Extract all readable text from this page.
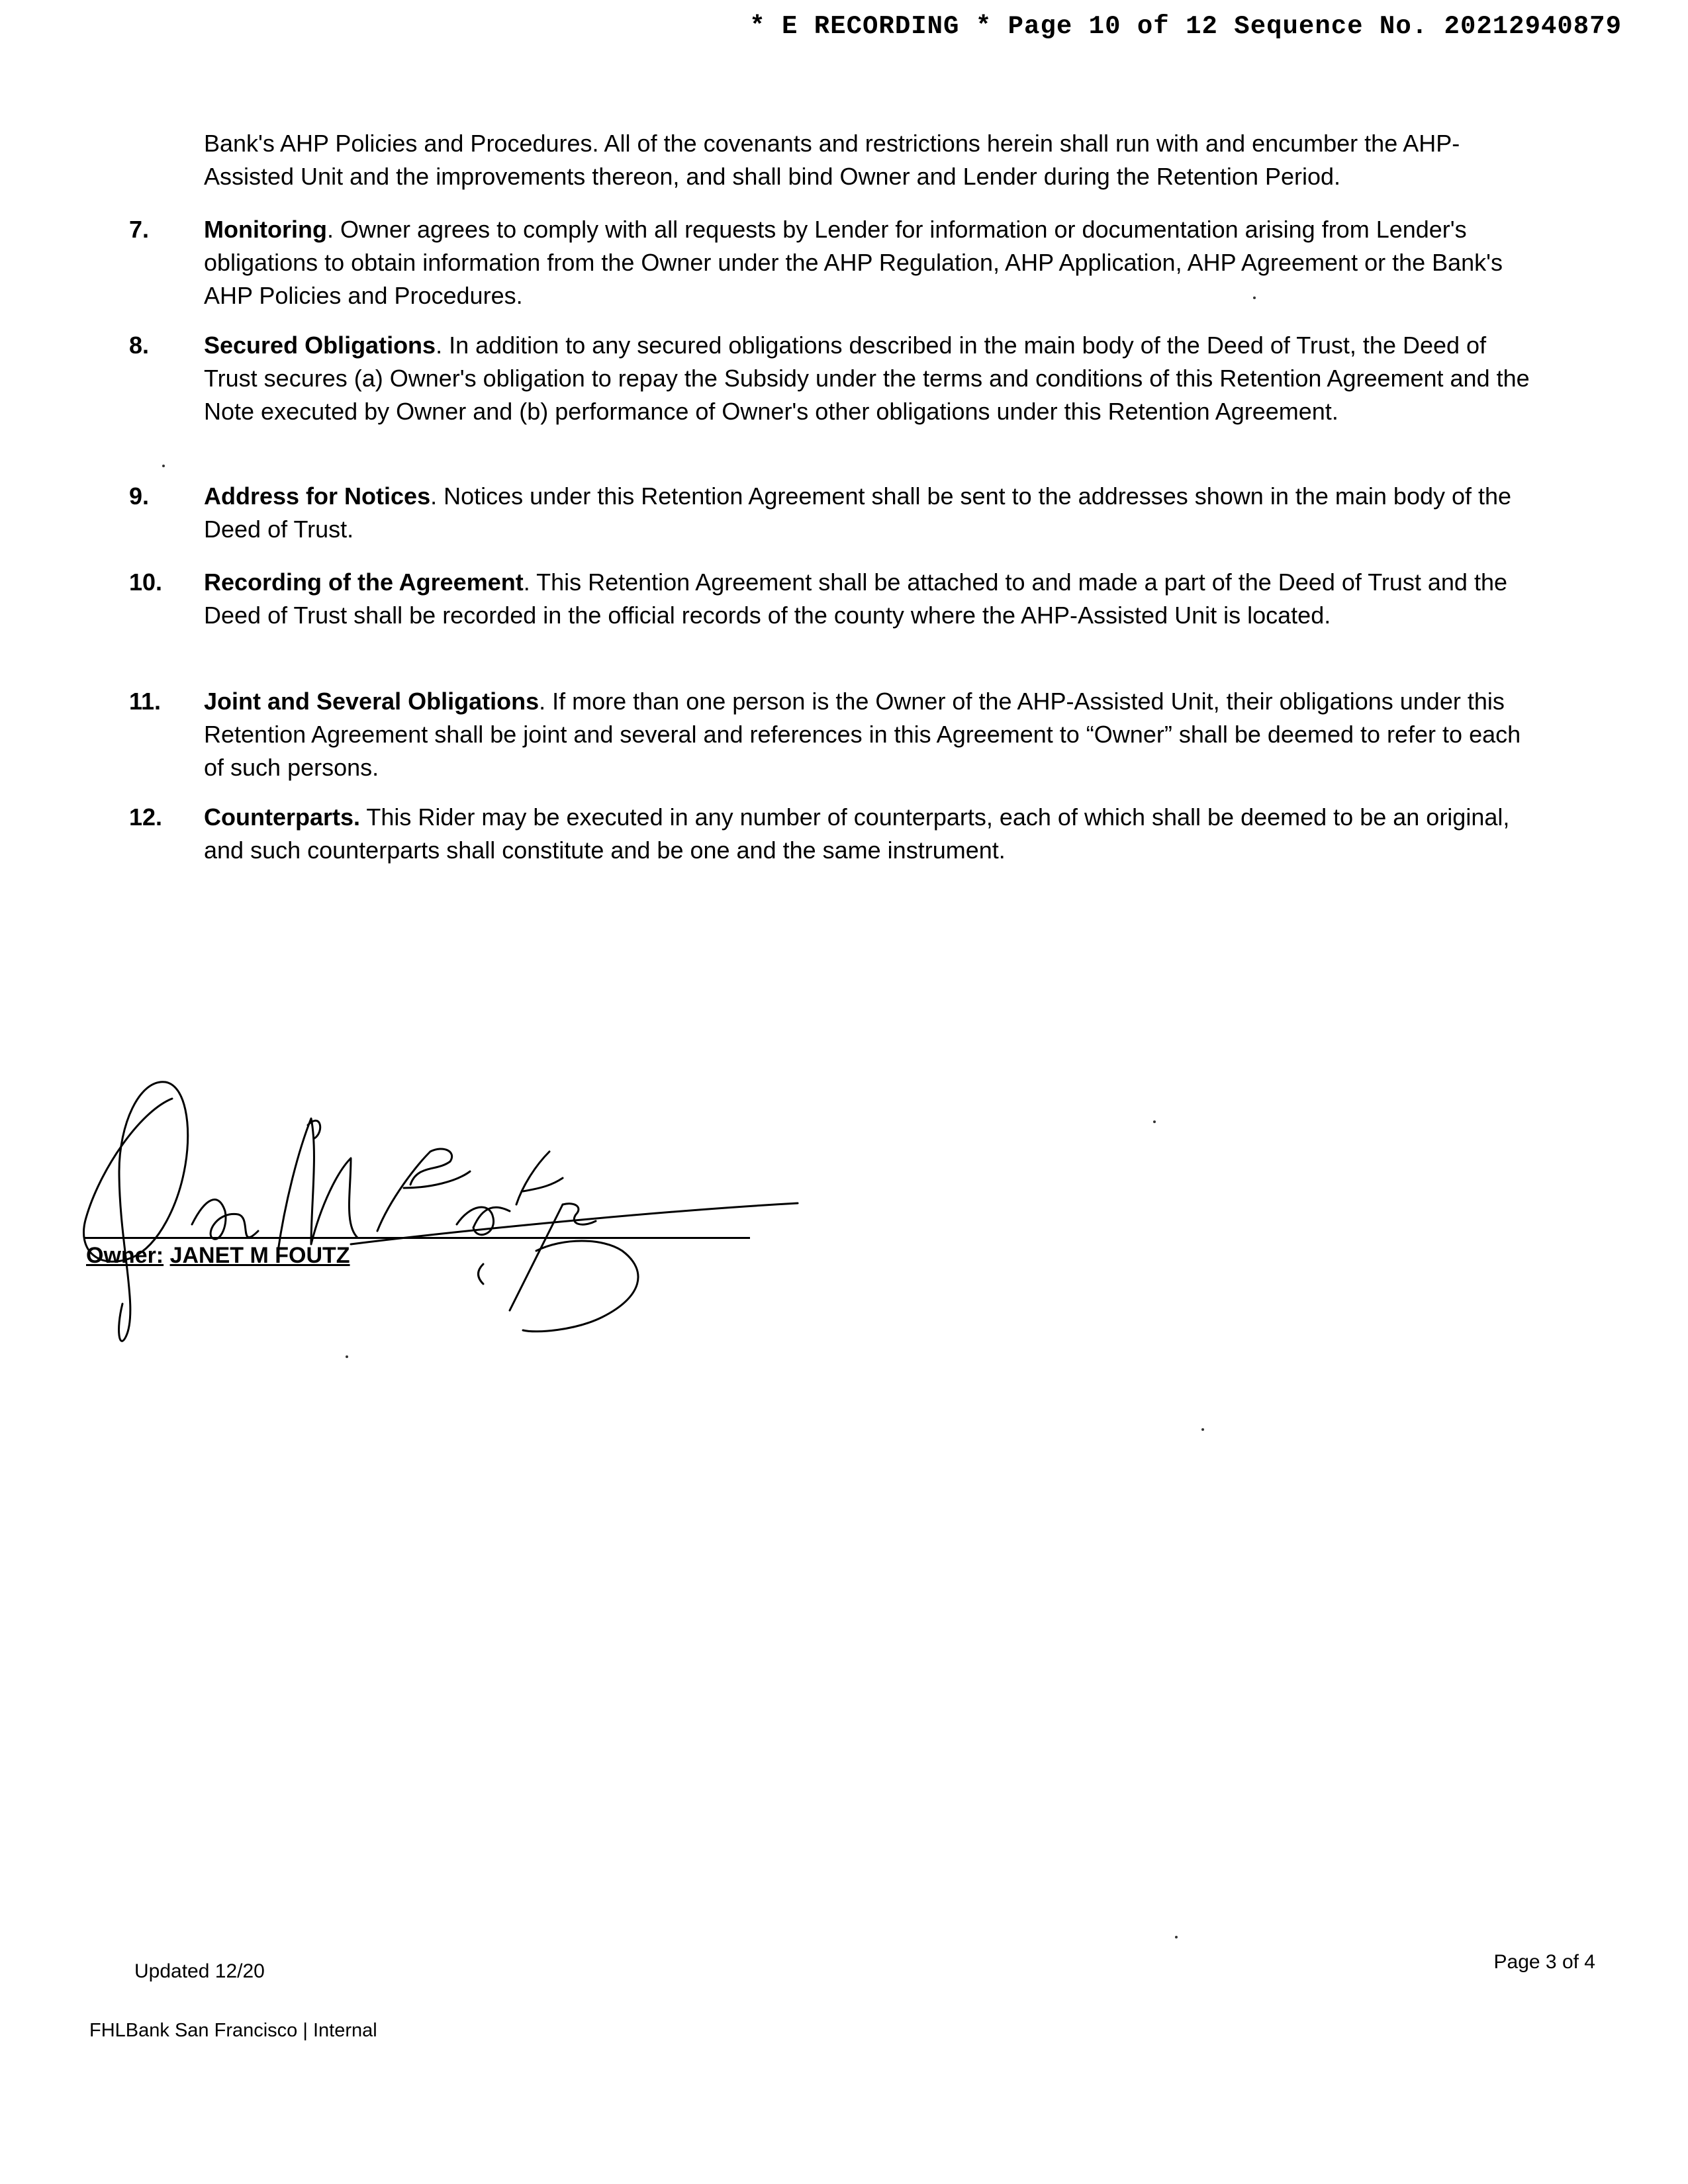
* E RECORDING * Page 10 of 12 Sequence No. 20212940879

Bank's AHP Policies and Procedures. All of the covenants and restrictions herein shall run with and encumber the AHP-Assisted Unit and the improvements thereon, and shall bind Owner and Lender during the Retention Period.

7. Monitoring. Owner agrees to comply with all requests by Lender for information or documentation arising from Lender's obligations to obtain information from the Owner under the AHP Regulation, AHP Application, AHP Agreement or the Bank's AHP Policies and Procedures.
8. Secured Obligations. In addition to any secured obligations described in the main body of the Deed of Trust, the Deed of Trust secures (a) Owner's obligation to repay the Subsidy under the terms and conditions of this Retention Agreement and the Note executed by Owner and (b) performance of Owner's other obligations under this Retention Agreement.
9. Address for Notices. Notices under this Retention Agreement shall be sent to the addresses shown in the main body of the Deed of Trust.
10. Recording of the Agreement. This Retention Agreement shall be attached to and made a part of the Deed of Trust and the Deed of Trust shall be recorded in the official records of the county where the AHP-Assisted Unit is located.
11. Joint and Several Obligations. If more than one person is the Owner of the AHP-Assisted Unit, their obligations under this Retention Agreement shall be joint and several and references in this Agreement to “Owner” shall be deemed to refer to each of such persons.
12. Counterparts. This Rider may be executed in any number of counterparts, each of which shall be deemed to be an original, and such counterparts shall constitute and be one and the same instrument.
Owner: JANET M FOUTZ
Updated 12/20	Page 3 of 4
FHLBank San Francisco | Internal
